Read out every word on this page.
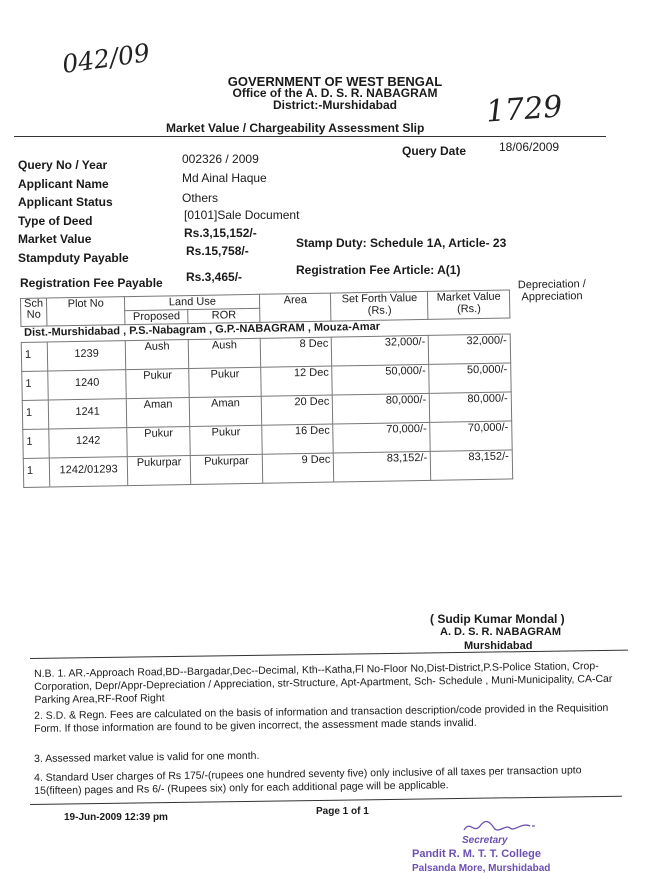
042/09
1729
GOVERNMENT OF WEST BENGAL
Office of the A. D. S. R. NABAGRAM
District:-Murshidabad
Market Value / Chargeability Assessment Slip
Query No / Year	002326 / 2009
Query Date	18/06/2009
Applicant Name	Md Ainal Haque
Applicant Status	Others
Type of Deed	[0101]Sale Document
Market Value	Rs.3,15,152/-
Stampduty Payable	Rs.15,758/-
Stamp Duty: Schedule 1A, Article- 23
Registration Fee Payable Rs.3,465/-	Registration Fee Article: A(1)
Sch No	Plot No	Land Use		Area	Set Forth Value (Rs.)	Market Value (Rs.)
		Proposed	ROR			
Dist.-Murshidabad , P.S.-Nabagram , G.P.-NABAGRAM , Mouza-Amar						
1	1239	Aush	Aush	8 Dec	32,000/-	32,000/-
1	1240	Pukur	Pukur	12 Dec	50,000/-	50,000/-
1	1241	Aman	Aman	20 Dec	80,000/-	80,000/-
1	1242	Pukur	Pukur	16 Dec	70,000/-	70,000/-
1	1242/01293	Pukurpar	Pukurpar	9 Dec	83,152/-	83,152/-
Depreciation / Appreciation
( Sudip Kumar Mondal )
A. D. S. R. NABAGRAM
Murshidabad
N.B. 1. AR.-Approach Road,BD--Bargadar,Dec--Decimal, Kth--Katha,Fl No-Floor No,Dist-District,P.S-Police Station, Crop-Corporation, Depr/Appr-Depreciation / Appreciation, str-Structure, Apt-Apartment, Sch- Schedule , Muni-Municipality, CA-Car Parking Area,RF-Roof Right
2. S.D. & Regn. Fees are calculated on the basis of information and transaction description/code provided in the Requisition Form. If those information are found to be given incorrect, the assessment made stands invalid.
3. Assessed market value is valid for one month.
4. Standard User charges of Rs 175/-(rupees one hundred seventy five) only inclusive of all taxes per transaction upto 15(fifteen) pages and Rs 6/- (Rupees six) only for each additional page will be applicable.
19-Jun-2009 12:39 pm
Page 1 of 1
Secretary
Pandit R. M. T. T. College
Palsanda More, Murshidabad
